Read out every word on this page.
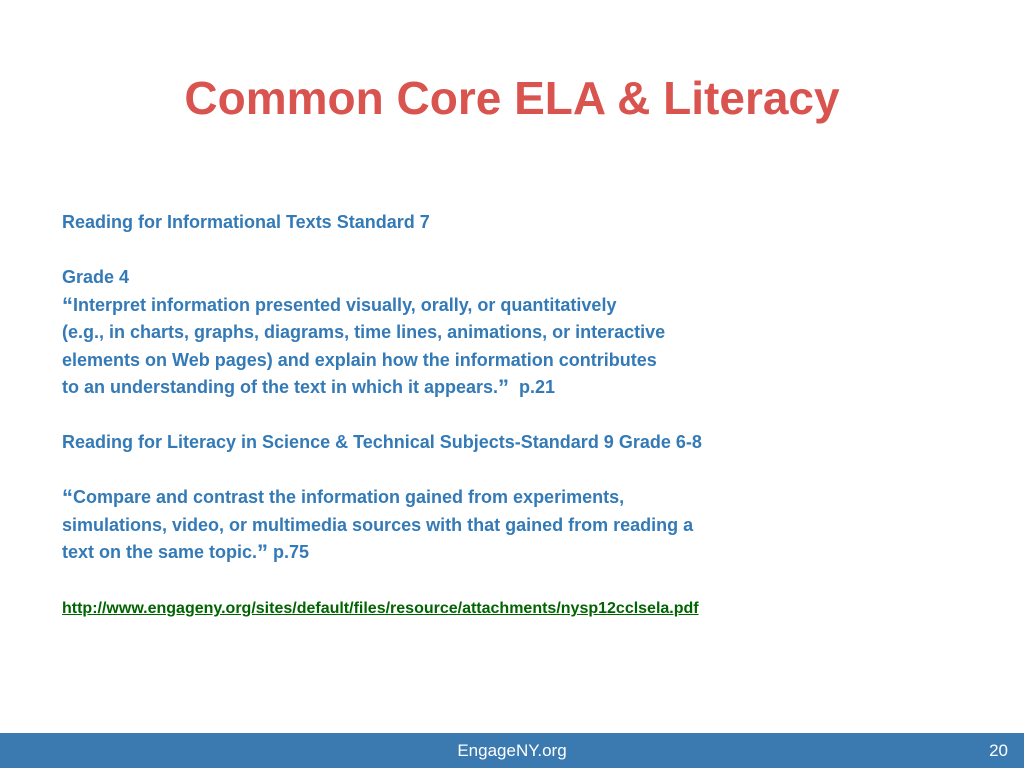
Common Core ELA & Literacy

Reading for Informational Texts Standard 7

Grade 4

“Interpret information presented visually, orally, or quantitatively

(e.g., in charts, graphs, diagrams, time lines, animations, or interactive

elements on Web pages) and explain how the information contributes

to an understanding of the text in which it appears.”  p.21

Reading for Literacy in Science & Technical Subjects-Standard 9 Grade 6-8

“Compare and contrast the information gained from experiments,

simulations, video, or multimedia sources with that gained from reading a

text on the same topic.” p.75

http://www.engageny.org/sites/default/files/resource/attachments/nysp12cclsela.pdf

EngageNY.org	20
